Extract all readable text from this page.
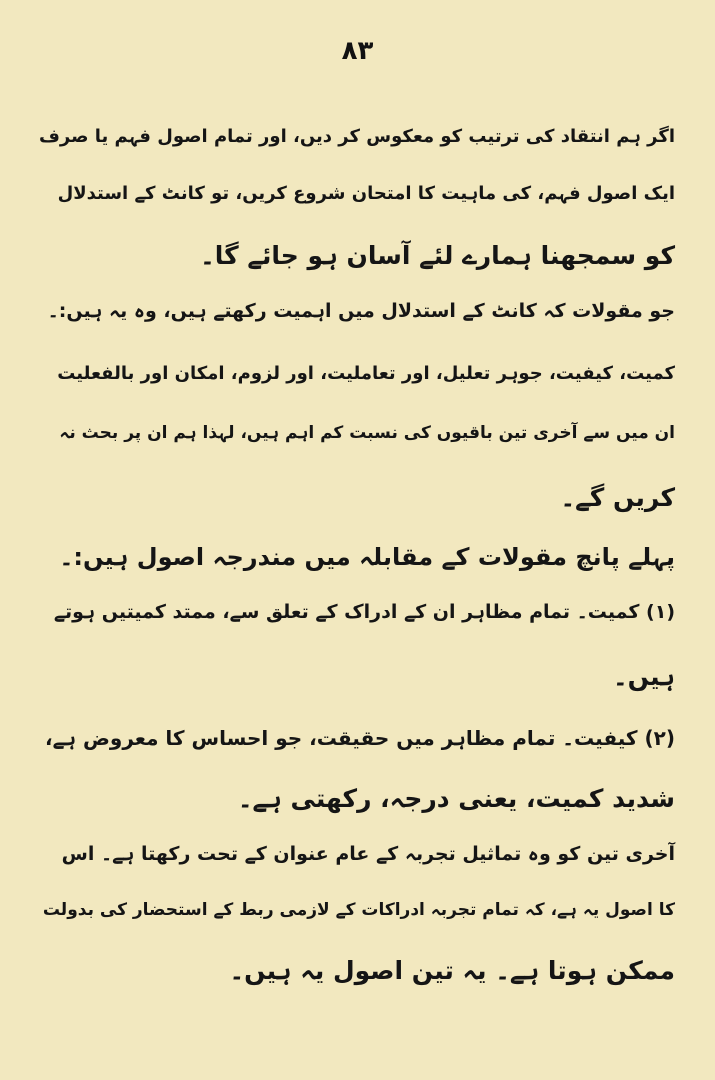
۸۳
اگر ہم انتقاد کی ترتیب کو معکوس کر دیں، اور تمام اصول فہم یا صرف
ایک اصول فہم، کی ماہیت کا امتحان شروع کریں، تو کانٹ کے استدلال
کو سمجھنا ہمارے لئے آسان ہو جائے گا۔
جو مقولات کہ کانٹ کے استدلال میں اہمیت رکھتے ہیں، وہ یہ ہیں:۔
کمیت، کیفیت، جوہر تعلیل، اور تعاملیت، اور لزوم، امکان اور بالفعلیت
ان میں سے آخری تین باقیوں کی نسبت کم اہم ہیں، لہذا ہم ان پر بحث نہ
کریں گے۔
پہلے پانچ مقولات کے مقابلہ میں مندرجہ اصول ہیں:۔
(۱) کمیت۔ تمام مظاہر ان کے ادراک کے تعلق سے، ممتد کمیتیں ہوتے
ہیں۔
(۲) کیفیت۔ تمام مظاہر میں حقیقت، جو احساس کا معروض ہے،
شدید کمیت، یعنی درجہ، رکھتی ہے۔
آخری تین کو وہ تماثیل تجربہ کے عام عنوان کے تحت رکھتا ہے۔ اس
کا اصول یہ ہے، کہ تمام تجربہ ادراکات کے لازمی ربط کے استحضار کی بدولت
ممکن ہوتا ہے۔ یہ تین اصول یہ ہیں۔
